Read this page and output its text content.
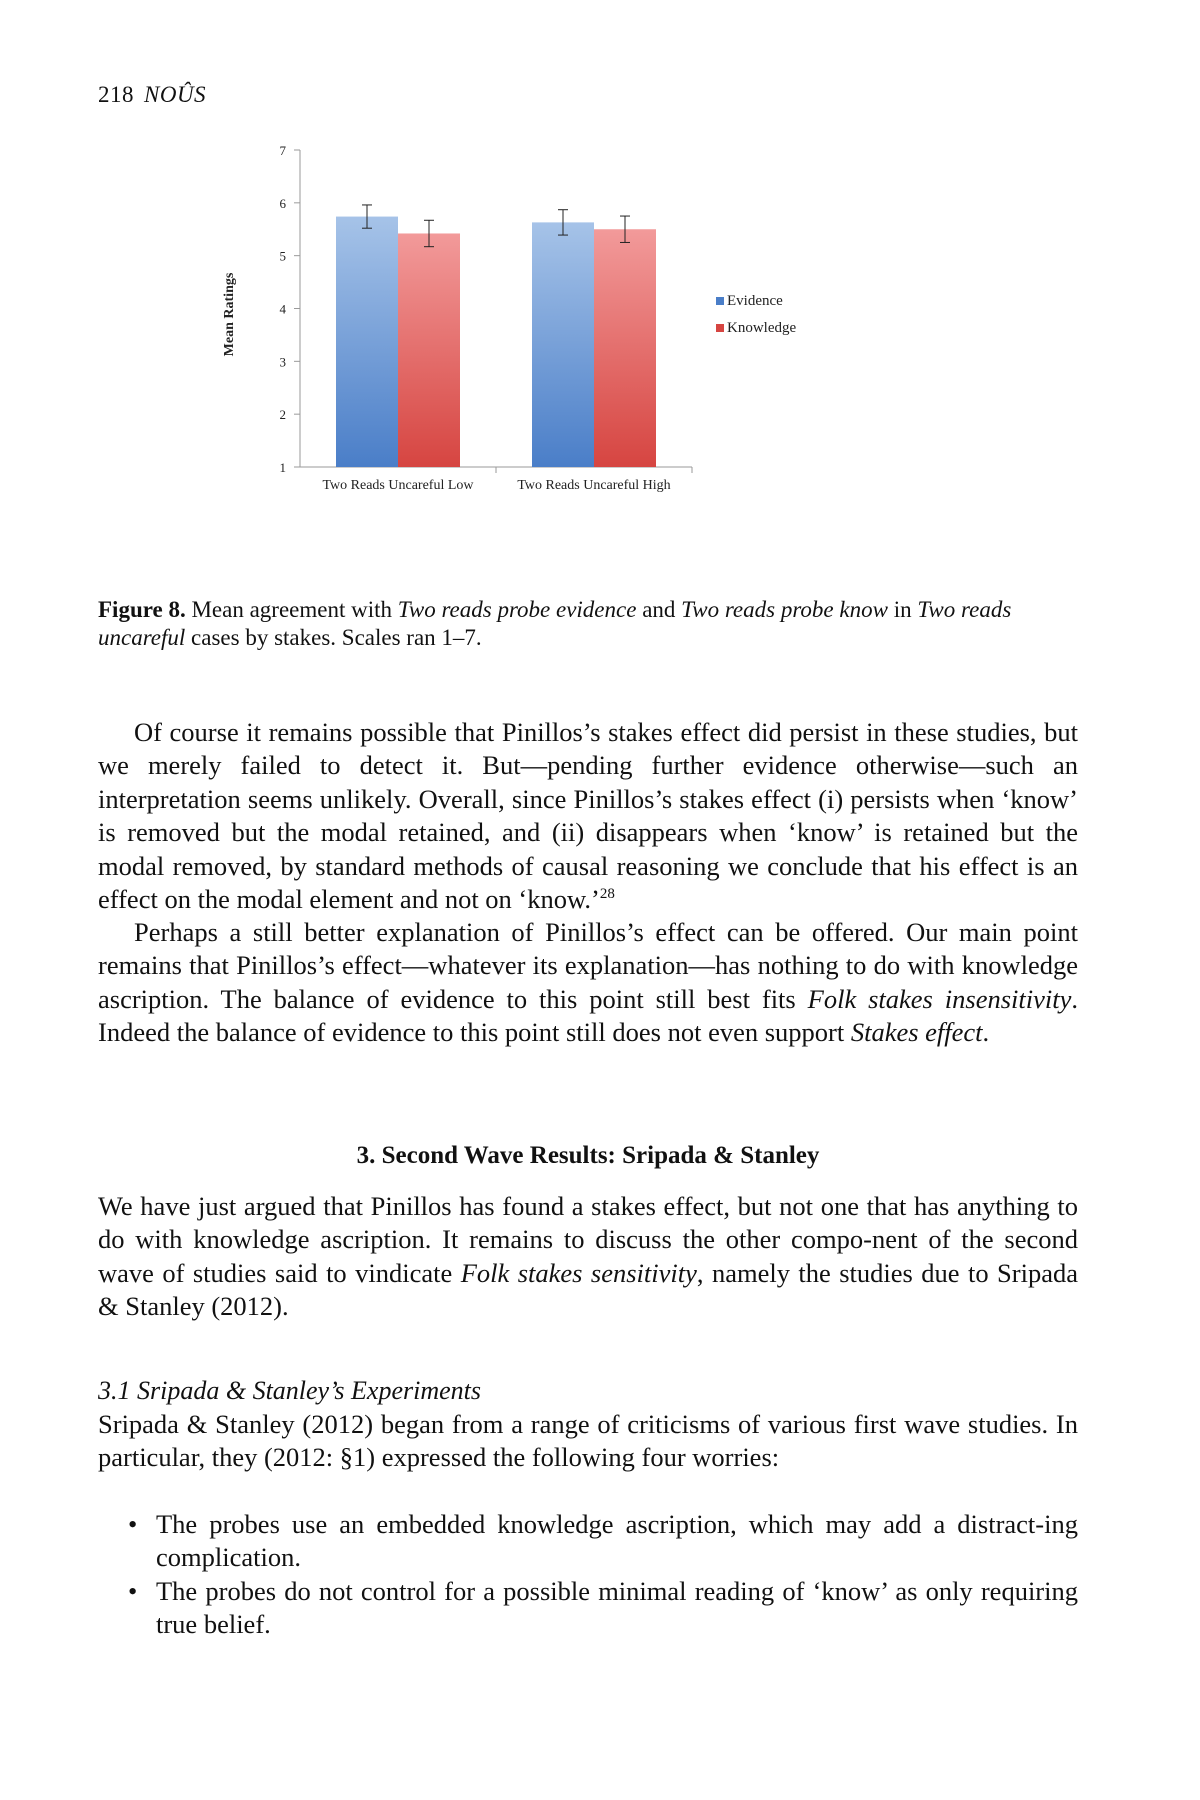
218 NOÛS
1
2
3
4
5
6
7
Mean Ratings
Two Reads Uncareful Low	Two Reads Uncareful High
Evidence
Knowledge
Figure 8. Mean agreement with Two reads probe evidence and Two reads probe know in Two reads uncareful cases by stakes. Scales ran 1–7.
Of course it remains possible that Pinillos’s stakes effect did persist in these studies, but we merely failed to detect it. But—pending further evidence otherwise—such an interpretation seems unlikely. Overall, since Pinillos’s stakes effect (i) persists when ‘know’ is removed but the modal retained, and (ii) disappears when ‘know’ is retained but the modal removed, by standard methods of causal reasoning we conclude that his effect is an effect on the modal element and not on ‘know.’$^{28}$
Perhaps a still better explanation of Pinillos’s effect can be offered. Our main point remains that Pinillos’s effect—whatever its explanation—has nothing to do with knowledge ascription. The balance of evidence to this point still best fits Folk stakes insensitivity. Indeed the balance of evidence to this point still does not even support Stakes effect.
3. Second Wave Results: Sripada & Stanley
We have just argued that Pinillos has found a stakes effect, but not one that has anything to do with knowledge ascription. It remains to discuss the other compo-nent of the second wave of studies said to vindicate Folk stakes sensitivity, namely the studies due to Sripada & Stanley (2012).
3.1 Sripada & Stanley’s Experiments
Sripada & Stanley (2012) began from a range of criticisms of various first wave studies. In particular, they (2012: §1) expressed the following four worries:
• The probes use an embedded knowledge ascription, which may add a distract-ing complication.
• The probes do not control for a possible minimal reading of ‘know’ as only requiring true belief.
